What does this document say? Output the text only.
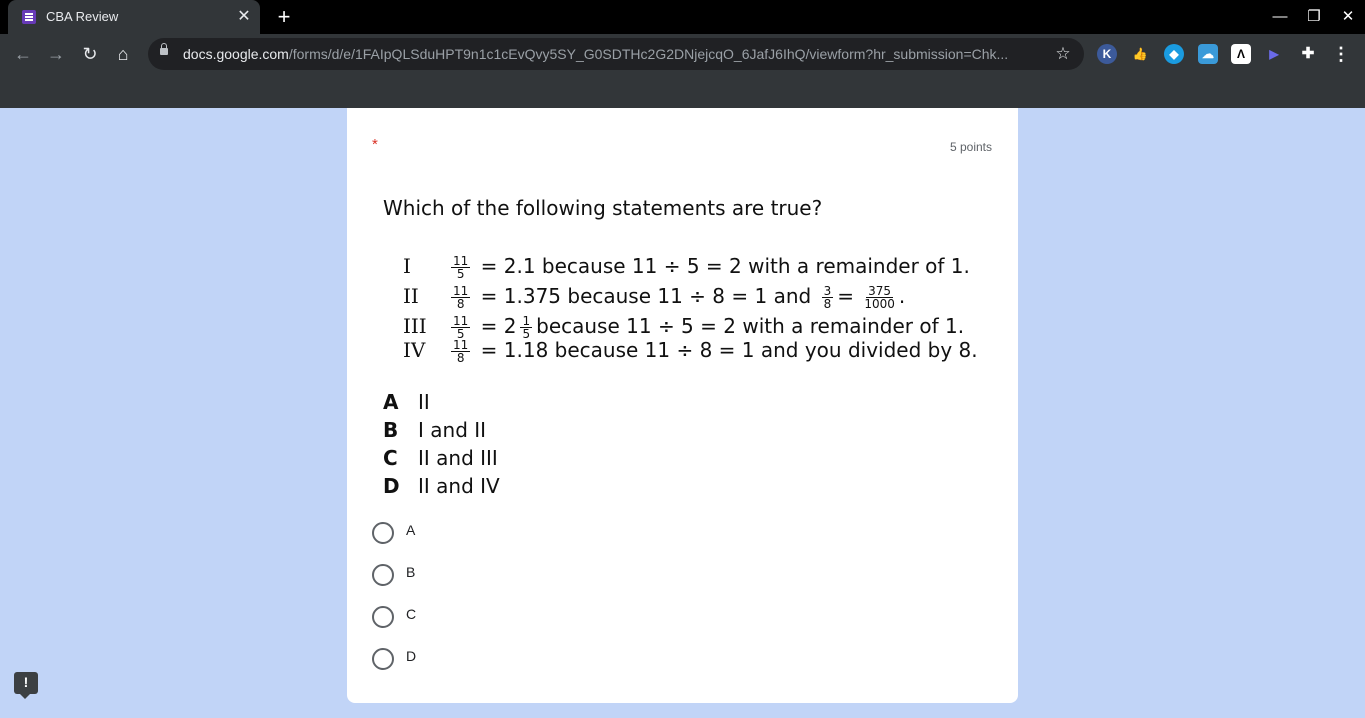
CBA Review	✕ +	—	❐	✕
← → ↻	⌂	docs.google.com/forms/d/e/1FAIpQLSduHPT9n1c1cEvQvy5SY_G0SDTHc2G2DNjejcqO_6JafJ6IhQ/viewform?hr_submission=Chk...	☆	K	👍	◆	☁	Λ	▶	✚ ⋮
*	5 points
Which of the following statements are true?
I	$\frac{11}{5} = 2.1$ because 11 ÷ 5 = 2 with a remainder of 1.
II	$\frac{11}{8} = 1.375$ because 11 ÷ 8 = 1 and $\frac{3}{8} = \frac{375}{1000}$ .
III $\frac{11}{5} = 2 \frac{1}{5}$ because 11 ÷ 5 = 2 with a remainder of 1.
IV $\frac{11}{8} = 1.18$ because 11 ÷ 8 = 1 and you divided by 8.
A II
B I and II
C II and III
D II and IV
A
B
C
D
!
